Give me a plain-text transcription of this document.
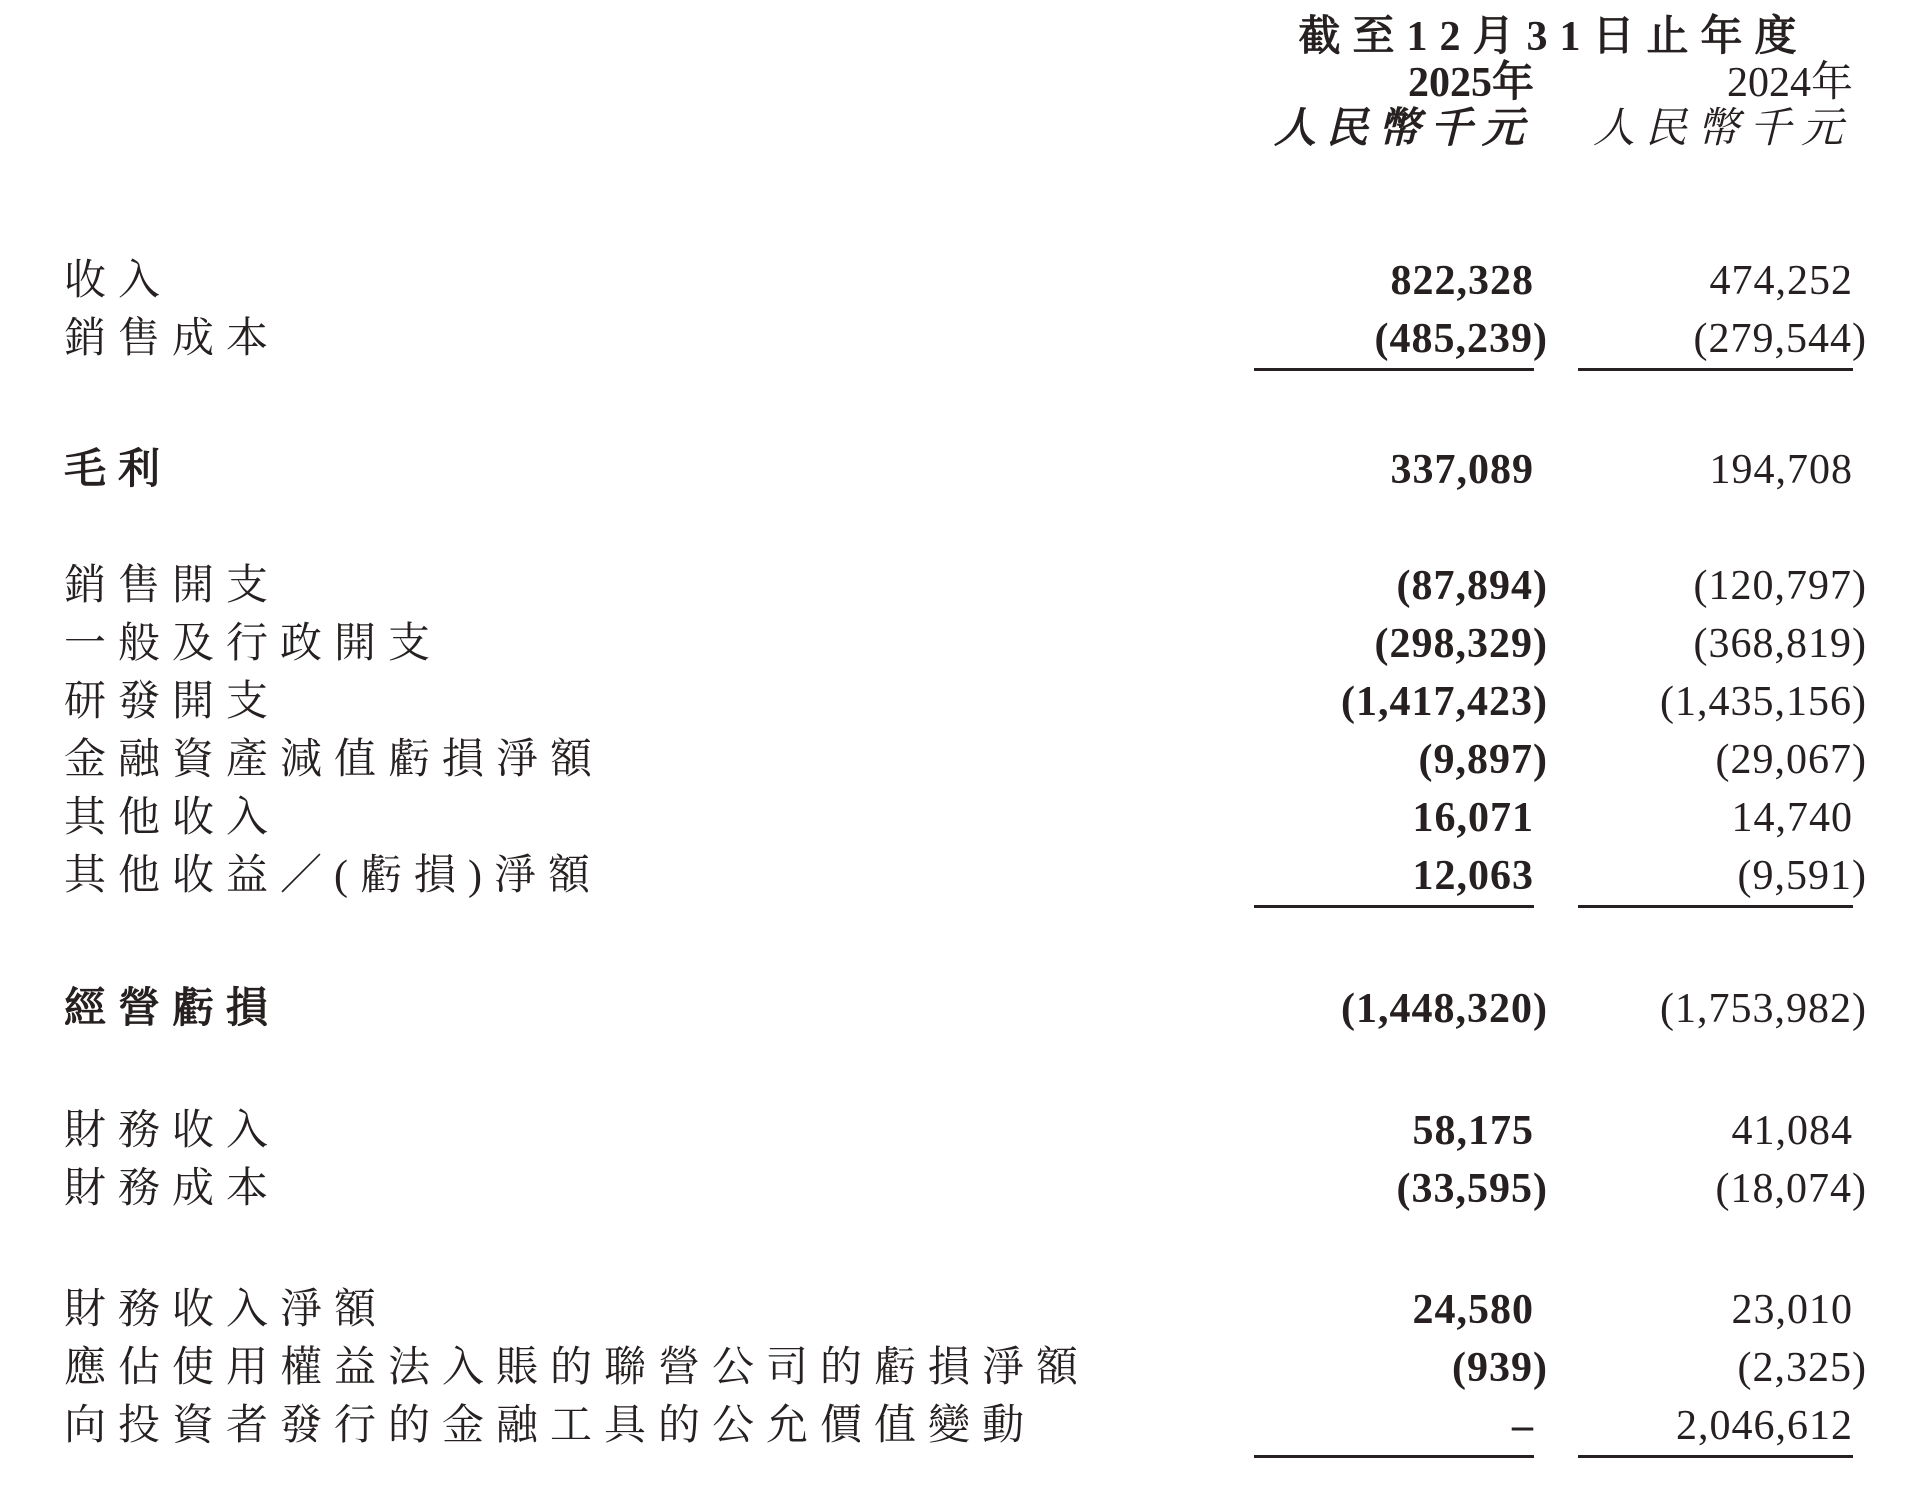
截至12月31日止年度
2025年	2024年
人民幣千元	人民幣千元
收入	822,328	474,252
銷售成本	(485,239)	(279,544)
毛利	337,089	194,708
銷售開支	(87,894)	(120,797)
一般及行政開支	(298,329)	(368,819)
研發開支	(1,417,423)	(1,435,156)
金融資產減值虧損淨額	(9,897)	(29,067)
其他收入	16,071	14,740
其他收益／(虧損)淨額	12,063	(9,591)
經營虧損	(1,448,320)	(1,753,982)
財務收入	58,175	41,084
財務成本	(33,595)	(18,074)
財務收入淨額	24,580	23,010
應佔使用權益法入賬的聯營公司的虧損淨額	(939)	(2,325)
向投資者發行的金融工具的公允價值變動	–	2,046,612
